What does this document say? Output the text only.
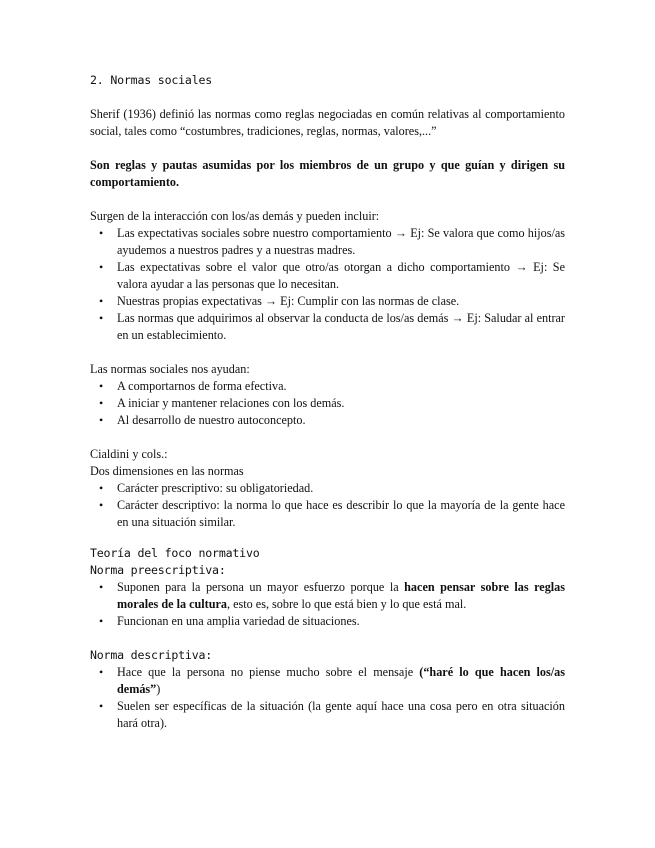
2. Normas sociales

Sherif (1936) definió las normas como reglas negociadas en común relativas al comportamiento social, tales como “costumbres, tradiciones, reglas, normas, valores,...”

Son reglas y pautas asumidas por los miembros de un grupo y que guían y dirigen su comportamiento.

Surgen de la interacción con los/as demás y pueden incluir:

• Las expectativas sociales sobre nuestro comportamiento → Ej: Se valora que como hijos/as ayudemos a nuestros padres y a nuestras madres.
• Las expectativas sobre el valor que otro/as otorgan a dicho comportamiento → Ej: Se valora ayudar a las personas que lo necesitan.
• Nuestras propias expectativas → Ej: Cumplir con las normas de clase.
• Las normas que adquirimos al observar la conducta de los/as demás → Ej: Saludar al entrar en un establecimiento.

Las normas sociales nos ayudan:

• A comportarnos de forma efectiva.
• A iniciar y mantener relaciones con los demás.
• Al desarrollo de nuestro autoconcepto.

Cialdini y cols.:

Dos dimensiones en las normas

• Carácter prescriptivo: su obligatoriedad.
• Carácter descriptivo: la norma lo que hace es describir lo que la mayoría de la gente hace en una situación similar.

Teoría del foco normativo

Norma preescriptiva:

• Suponen para la persona un mayor esfuerzo porque la hacen pensar sobre las reglas morales de la cultura, esto es, sobre lo que está bien y lo que está mal.
• Funcionan en una amplia variedad de situaciones.

Norma descriptiva:

• Hace que la persona no piense mucho sobre el mensaje (“haré lo que hacen los/as demás”)
• Suelen ser específicas de la situación (la gente aquí hace una cosa pero en otra situación hará otra).
